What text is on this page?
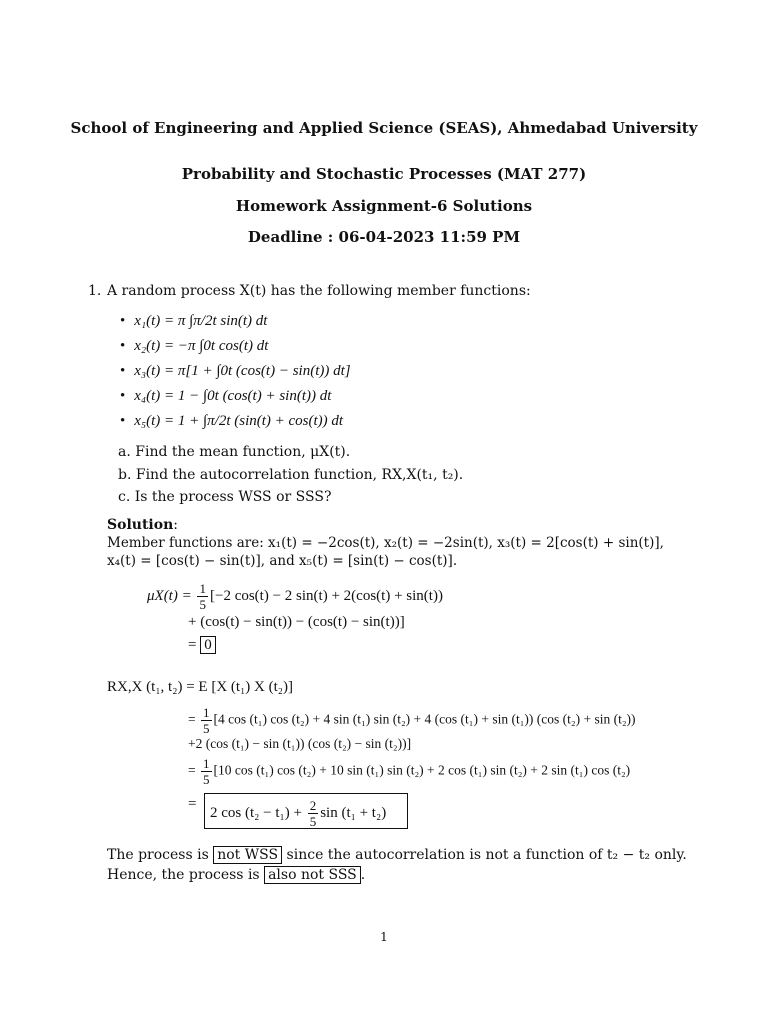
School of Engineering and Applied Science (SEAS), Ahmedabad University
Probability and Stochastic Processes (MAT 277)
Homework Assignment-6 Solutions
Deadline : 06-04-2023 11:59 PM
1. A random process X(t) has the following member functions:
• x₁(t) = π ∫π/2t sin(t) dt
• x₂(t) = −π ∫0t cos(t) dt
• x₃(t) = π[1 + ∫0t (cos(t) − sin(t)) dt]
• x₄(t) = 1 − ∫0t (cos(t) + sin(t)) dt
• x₅(t) = 1 + ∫π/2t (sin(t) + cos(t)) dt
a. Find the mean function, μX(t).
b. Find the autocorrelation function, RX,X(t₁, t₂).
c. Is the process WSS or SSS?
Solution:
Member functions are: x₁(t) = −2cos(t), x₂(t) = −2sin(t), x₃(t) = 2[cos(t) + sin(t)],
x₄(t) = [cos(t) − sin(t)], and x₅(t) = [sin(t) − cos(t)].
$\mu X(t) = \frac{1}{5} [-2$ cos(t) − 2 sin(t) + 2(cos(t) + sin(t))
+ (cos(t) − sin(t)) − (cos(t) − sin(t))]
= 0
RX,X (t₁, t₂) = E [X (t₁) X (t₂)]
= $\frac{1}{5} [4$ cos (t₁) cos (t₂) + 4 sin (t₁) sin (t₂) + 4 (cos (t₁) + sin (t₁)) (cos (t₂) + sin (t₂))
+2 (cos (t₁) − sin (t₁)) (cos (t₂) − sin (t₂))]
= $\frac{1}{5} [10$ cos (t₁) cos (t₂) + 10 sin (t₁) sin (t₂) + 2 cos (t₁) sin (t₂) + 2 sin (t₁) cos (t₂)
=
2 $\cos (t_2 - t_1) + \frac{2}{5}$ sin (t₁ + t₂)
The process is not WSS since the autocorrelation is not a function of t₂ − t₂ only.
Hence, the process is also not SSS .
1
